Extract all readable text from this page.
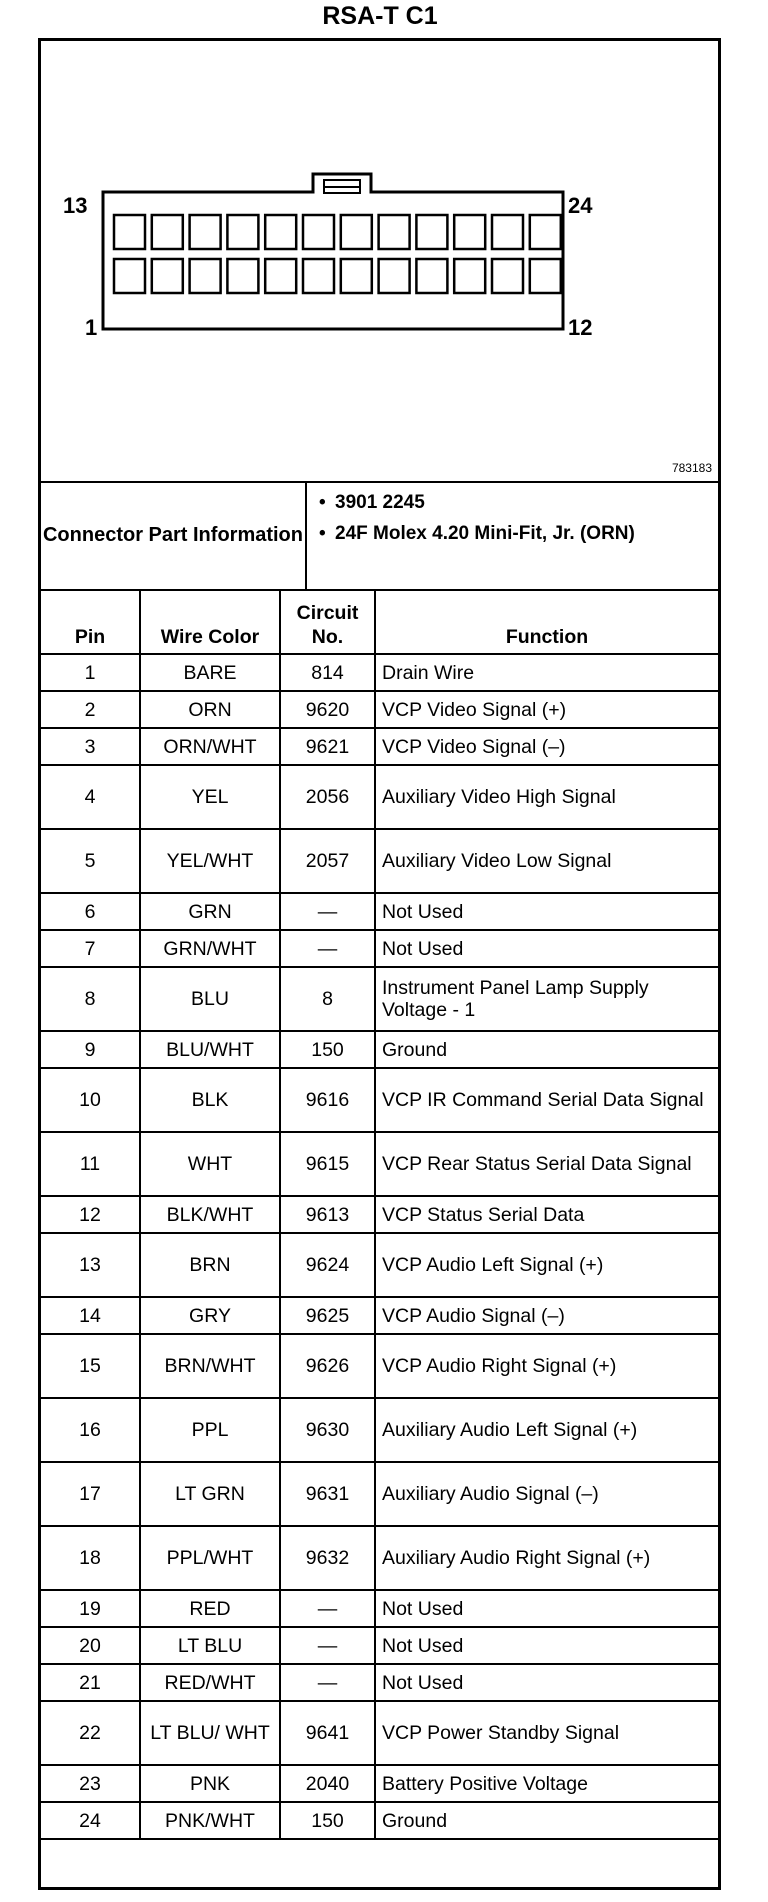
RSA-T C1
13	24
1	12
783183
Connector Part Information
• 3901 2245
• 24F Molex 4.20 Mini-Fit, Jr. (ORN)
Pin	Wire Color	Circuit No.	Function
1	BARE	814	Drain Wire
2	ORN	9620	VCP Video Signal (+)
3	ORN/WHT	9621	VCP Video Signal (–)
4	YEL	2056	Auxiliary Video High Signal
5	YEL/WHT	2057	Auxiliary Video Low Signal
6	GRN	—	Not Used
7	GRN/WHT	—	Not Used
8	BLU	8	Instrument Panel Lamp Supply Voltage - 1
9	BLU/WHT	150	Ground
10	BLK	9616	VCP IR Command Serial Data Signal
11	WHT	9615	VCP Rear Status Serial Data Signal
12	BLK/WHT	9613	VCP Status Serial Data
13	BRN	9624	VCP Audio Left Signal (+)
14	GRY	9625	VCP Audio Signal (–)
15	BRN/WHT	9626	VCP Audio Right Signal (+)
16	PPL	9630	Auxiliary Audio Left Signal (+)
17	LT GRN	9631	Auxiliary Audio Signal (–)
18	PPL/WHT	9632	Auxiliary Audio Right Signal (+)
19	RED	—	Not Used
20	LT BLU	—	Not Used
21	RED/WHT	—	Not Used
22	LT BLU/ WHT	9641	VCP Power Standby Signal
23	PNK	2040	Battery Positive Voltage
24	PNK/WHT	150	Ground
